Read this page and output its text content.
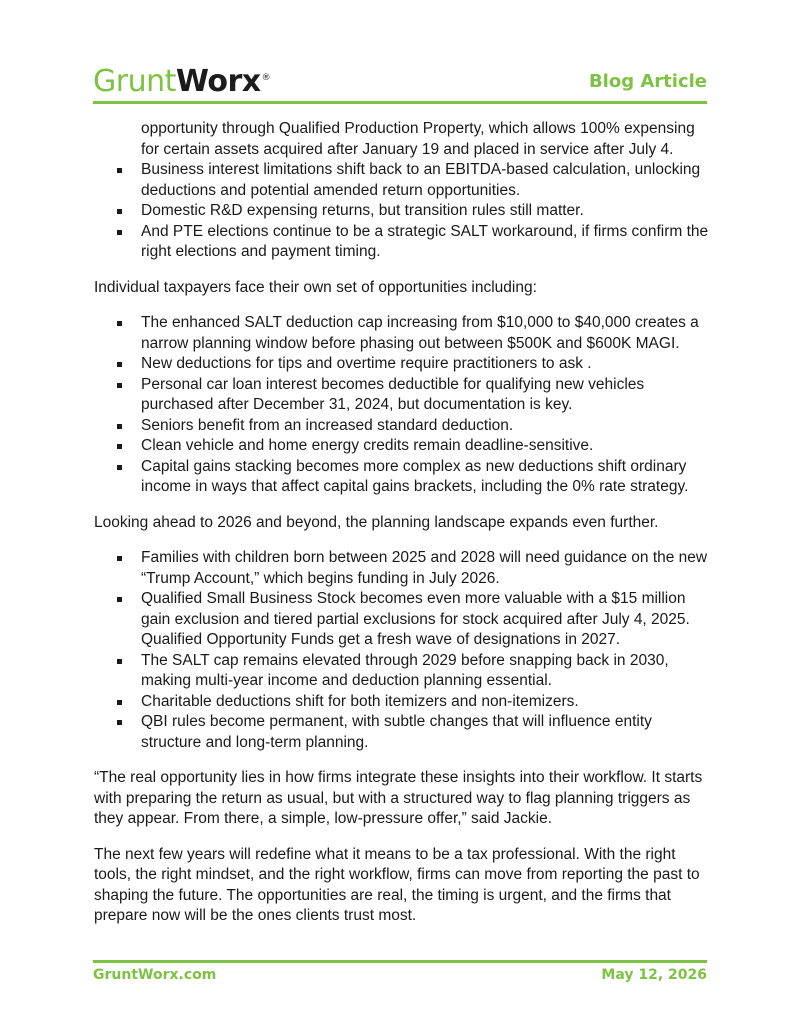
GruntWorx®	Blog Article
opportunity through Qualified Production Property, which allows 100% expensing for certain assets acquired after January 19 and placed in service after July 4.
Business interest limitations shift back to an EBITDA-based calculation, unlocking deductions and potential amended return opportunities.
Domestic R&D expensing returns, but transition rules still matter.
And PTE elections continue to be a strategic SALT workaround, if firms confirm the right elections and payment timing.

Individual taxpayers face their own set of opportunities including:

The enhanced SALT deduction cap increasing from $10,000 to $40,000 creates a narrow planning window before phasing out between $500K and $600K MAGI.
New deductions for tips and overtime require practitioners to ask .
Personal car loan interest becomes deductible for qualifying new vehicles purchased after December 31, 2024, but documentation is key.
Seniors benefit from an increased standard deduction.
Clean vehicle and home energy credits remain deadline-sensitive.
Capital gains stacking becomes more complex as new deductions shift ordinary income in ways that affect capital gains brackets, including the 0% rate strategy.

Looking ahead to 2026 and beyond, the planning landscape expands even further.

Families with children born between 2025 and 2028 will need guidance on the new “Trump Account,” which begins funding in July 2026.
Qualified Small Business Stock becomes even more valuable with a $15 million gain exclusion and tiered partial exclusions for stock acquired after July 4, 2025. Qualified Opportunity Funds get a fresh wave of designations in 2027.
The SALT cap remains elevated through 2029 before snapping back in 2030, making multi-year income and deduction planning essential.
Charitable deductions shift for both itemizers and non-itemizers.
QBI rules become permanent, with subtle changes that will influence entity structure and long-term planning.

“The real opportunity lies in how firms integrate these insights into their workflow. It starts with preparing the return as usual, but with a structured way to flag planning triggers as they appear. From there, a simple, low-pressure offer,” said Jackie.

The next few years will redefine what it means to be a tax professional. With the right tools, the right mindset, and the right workflow, firms can move from reporting the past to shaping the future. The opportunities are real, the timing is urgent, and the firms that prepare now will be the ones clients trust most.

GruntWorx.com	May 12, 2026
